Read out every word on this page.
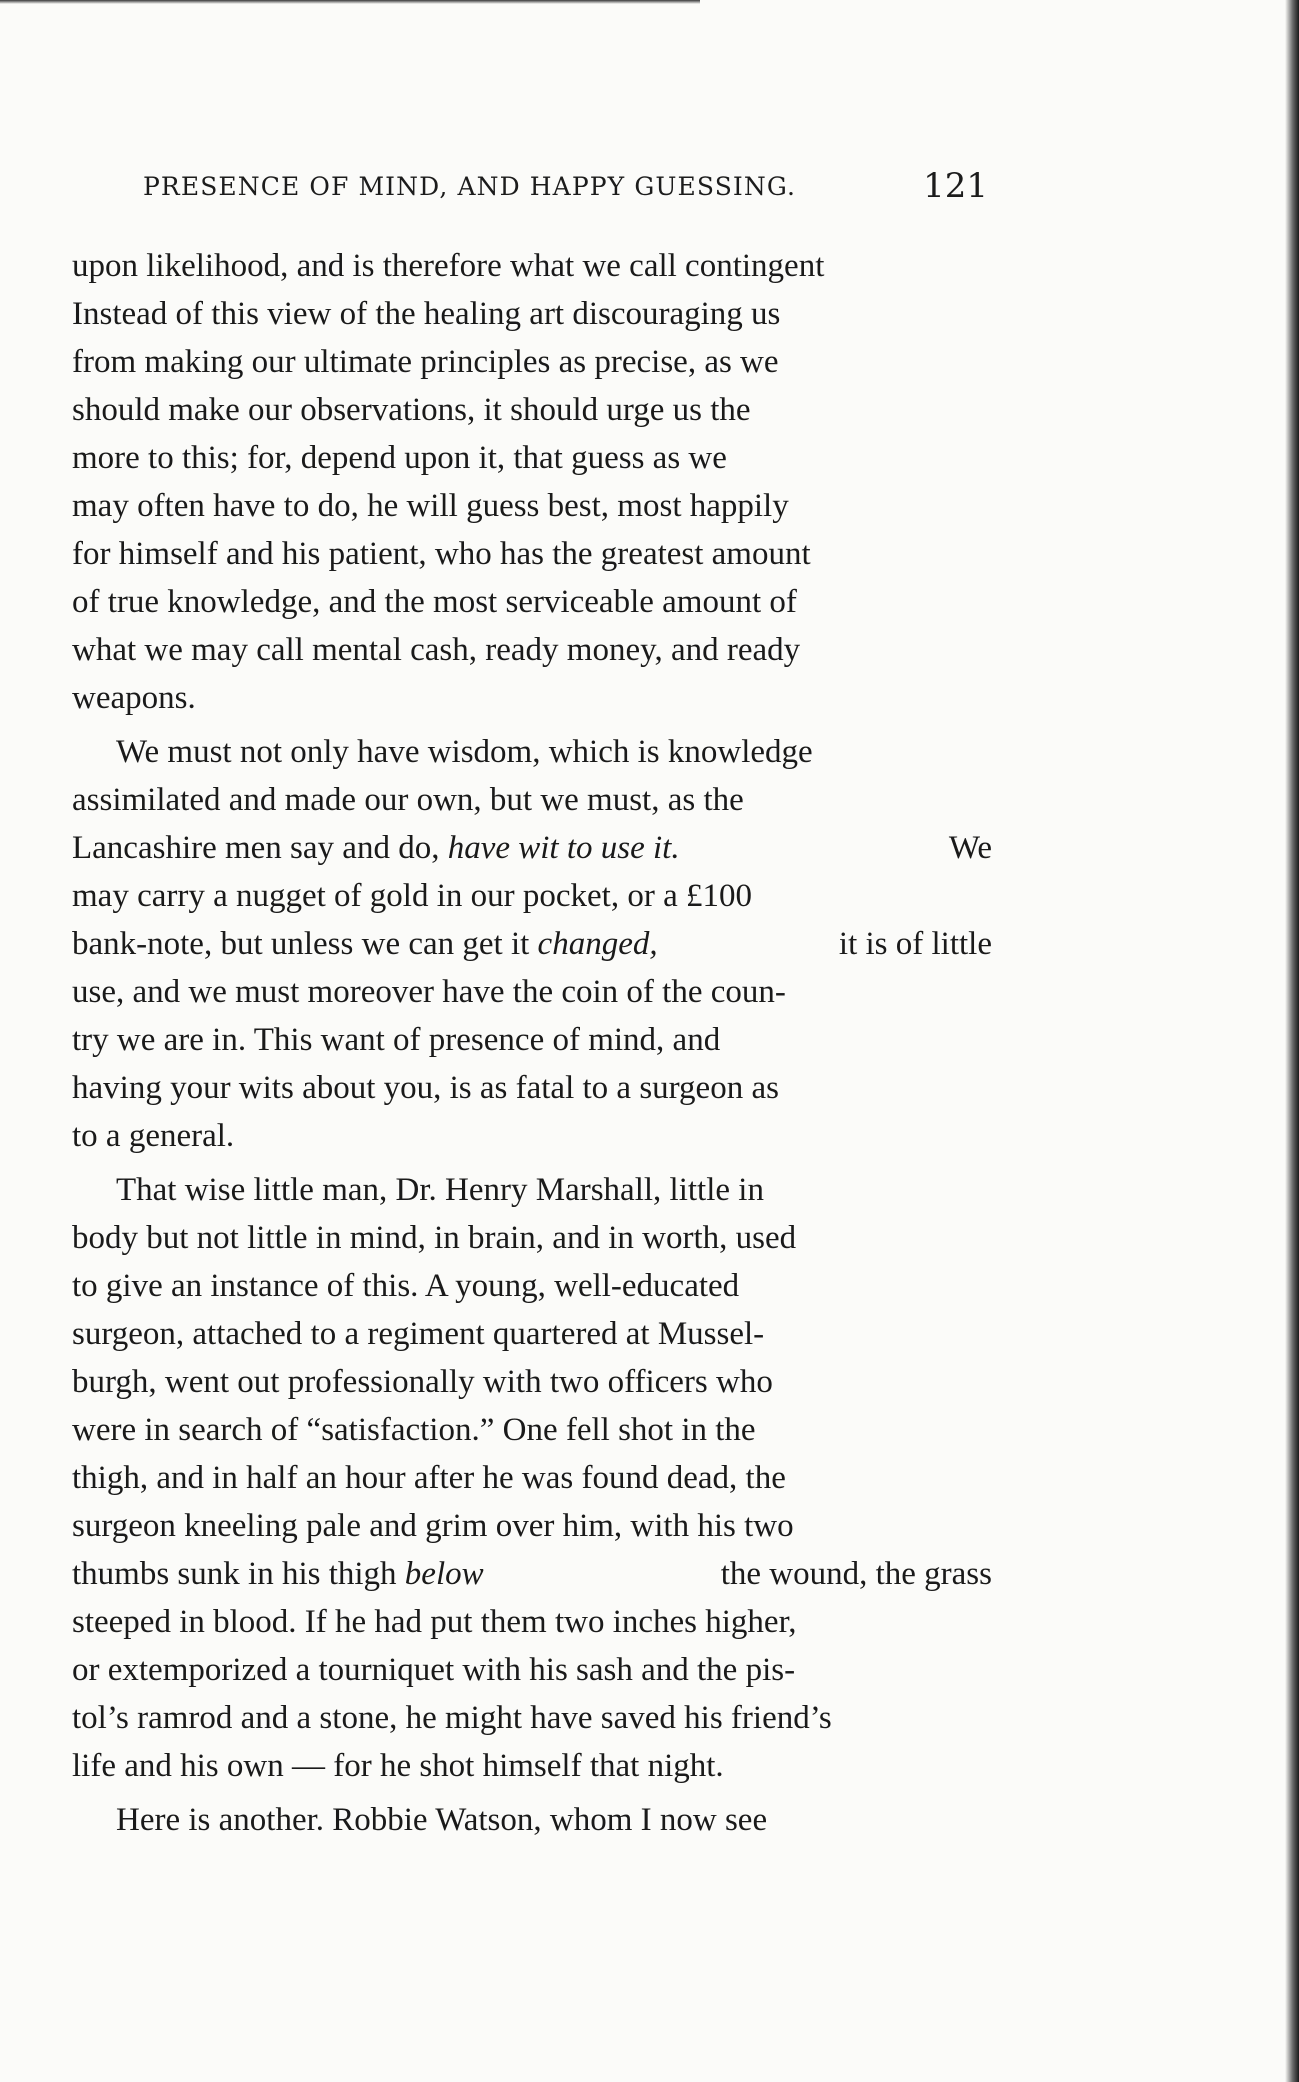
PRESENCE OF MIND, AND HAPPY GUESSING.	121
upon likelihood, and is therefore what we call contingent
Instead of this view of the healing art discouraging us
from making our ultimate principles as precise, as we
should make our observations, it should urge us the
more to this; for, depend upon it, that guess as we
may often have to do, he will guess best, most happily
for himself and his patient, who has the greatest amount
of true knowledge, and the most serviceable amount of
what we may call mental cash, ready money, and ready
weapons.
We must not only have wisdom, which is knowledge
assimilated and made our own, but we must, as the
Lancashire men say and do, have wit to use it.	We
may carry a nugget of gold in our pocket, or a £100
bank-note, but unless we can get it changed,	it is of little
use, and we must moreover have the coin of the coun-
try we are in. This want of presence of mind, and
having your wits about you, is as fatal to a surgeon as
to a general.
That wise little man, Dr. Henry Marshall, little in
body but not little in mind, in brain, and in worth, used
to give an instance of this. A young, well-educated
surgeon, attached to a regiment quartered at Mussel-
burgh, went out professionally with two officers who
were in search of “satisfaction.” One fell shot in the
thigh, and in half an hour after he was found dead, the
surgeon kneeling pale and grim over him, with his two
thumbs sunk in his thigh below	the wound, the grass
steeped in blood. If he had put them two inches higher,
or extemporized a tourniquet with his sash and the pis-
tol’s ramrod and a stone, he might have saved his friend’s
life and his own — for he shot himself that night.
Here is another. Robbie Watson, whom I now see
